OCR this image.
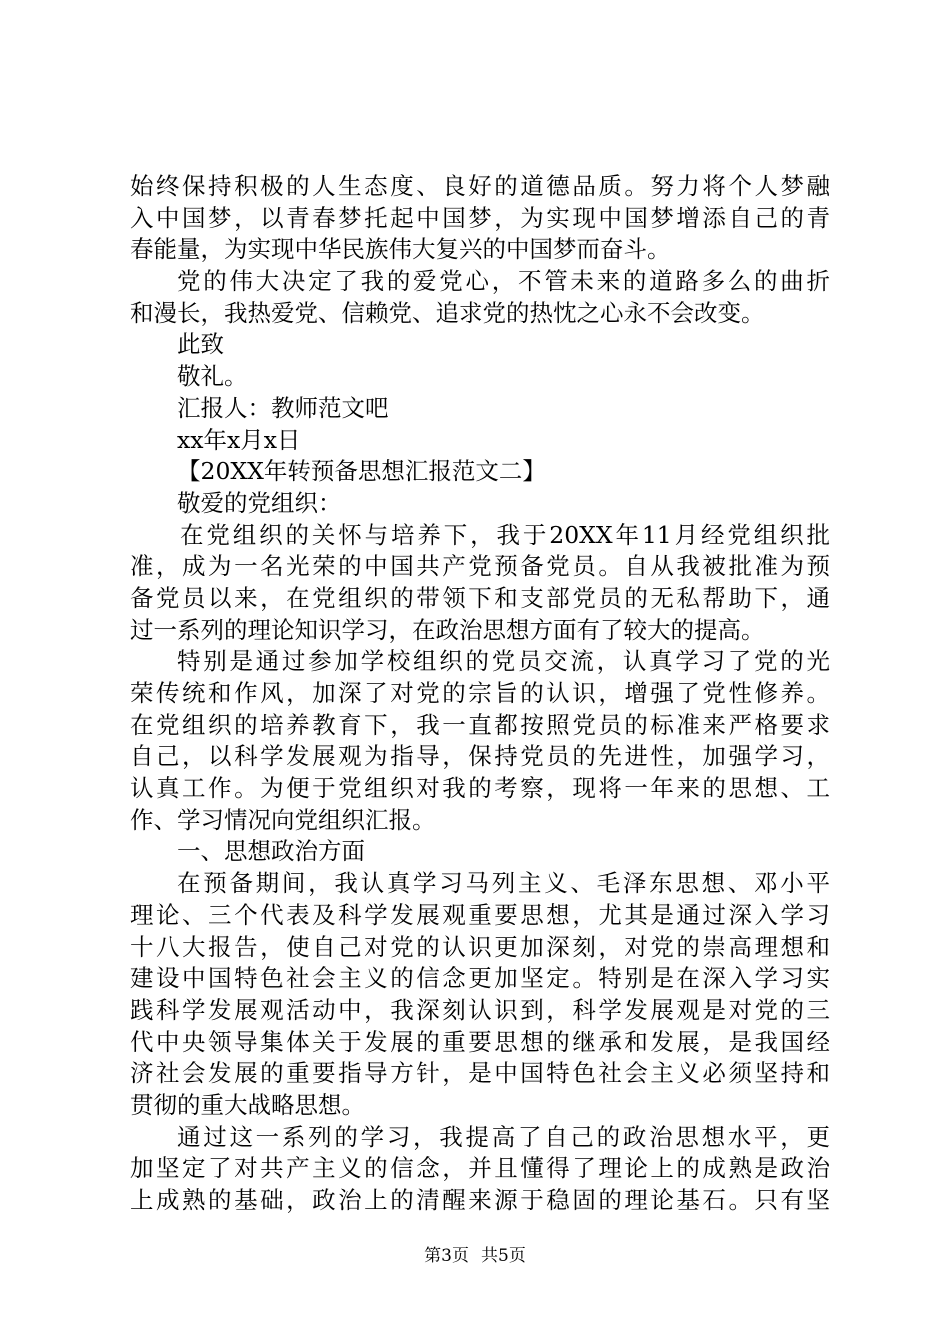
始终保持积极的人生态度、良好的道德品质。努力将个人梦融
入中国梦，以青春梦托起中国梦，为实现中国梦增添自己的青
春能量，为实现中华民族伟大复兴的中国梦而奋斗。
党的伟大决定了我的爱党心，不管未来的道路多么的曲折
和漫长，我热爱党、信赖党、追求党的热忱之心永不会改变。
此致
敬礼。
汇报人：教师范文吧
xx年x月x日
【20XX年转预备思想汇报范文二】
敬爱的党组织：
在党组织的关怀与培养下，我于20XX年11月经党组织批
准，成为一名光荣的中国共产党预备党员。自从我被批准为预
备党员以来，在党组织的带领下和支部党员的无私帮助下，通
过一系列的理论知识学习，在政治思想方面有了较大的提高。
特别是通过参加学校组织的党员交流，认真学习了党的光
荣传统和作风，加深了对党的宗旨的认识，增强了党性修养。
在党组织的培养教育下，我一直都按照党员的标准来严格要求
自己，以科学发展观为指导，保持党员的先进性，加强学习，
认真工作。为便于党组织对我的考察，现将一年来的思想、工
作、学习情况向党组织汇报。
一、思想政治方面
在预备期间，我认真学习马列主义、毛泽东思想、邓小平
理论、三个代表及科学发展观重要思想，尤其是通过深入学习
十八大报告，使自己对党的认识更加深刻，对党的崇高理想和
建设中国特色社会主义的信念更加坚定。特别是在深入学习实
践科学发展观活动中，我深刻认识到，科学发展观是对党的三
代中央领导集体关于发展的重要思想的继承和发展，是我国经
济社会发展的重要指导方针，是中国特色社会主义必须坚持和
贯彻的重大战略思想。
通过这一系列的学习，我提高了自己的政治思想水平，更
加坚定了对共产主义的信念，并且懂得了理论上的成熟是政治
上成熟的基础，政治上的清醒来源于稳固的理论基石。只有坚
第3页 共5页
